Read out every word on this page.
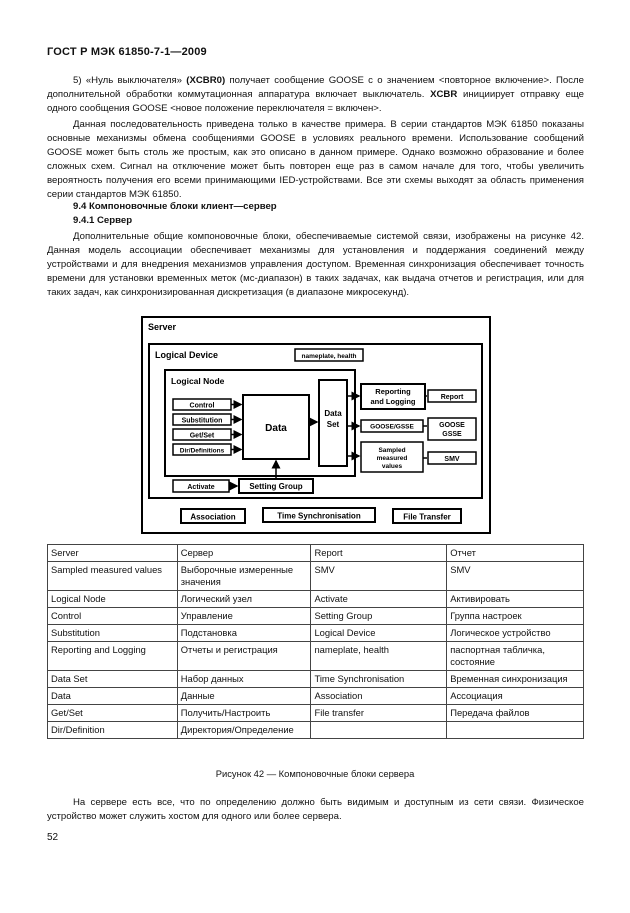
ГОСТ Р МЭК 61850-7-1—2009

5) «Нуль выключателя» (XCBR0) получает сообщение GOOSE с о значением <повторное включение>. После дополнительной обработки коммутационная аппаратура включает выключатель. XCBR инициирует отправку еще одного сообщения GOOSE <новое положение переключателя = включен>.

Данная последовательность приведена только в качестве примера. В серии стандартов МЭК 61850 показаны основные механизмы обмена сообщениями GOOSE в условиях реального времени. Использование сообщений GOOSE может быть столь же простым, как это описано в данном примере. Однако возможно образование и более сложных схем. Сигнал на отключение может быть повторен еще раз в самом начале для того, чтобы увеличить вероятность получения его всеми принимающими IED-устройствами. Все эти схемы выходят за область применения серии стандартов МЭК 61850.

9.4 Компоновочные блоки клиент—сервер
9.4.1 Сервер

Дополнительные общие компоновочные блоки, обеспечиваемые системой связи, изображены на рисунке 42. Данная модель ассоциации обеспечивает механизмы для установления и поддержания соединений между устройствами и для внедрения механизмов управления доступом. Временная синхронизация обеспечивает точность времени для установки временных меток (мс-диапазон) в таких задачах, как выдача отчетов и регистрация, или для таких задач, как синхронизированная дискретизация (в диапазоне микросекунд).

Server
Logical Device	nameplate, health
Logical Node
Control
Substitution
Get/Set
Dir/Definitions
Data
Data
Set
Reporting
and Logging	Report
GOOSE/GSSE	GOOSE
GSSE
Sampled
measured
values
SMV
Activate	Setting Group
Association	Time Synchronisation	File Transfer
Server	Сервер	Report	Отчет
Sampled measured values	Выборочные измеренные значения	SMV	SMV
Logical Node	Логический узел	Activate	Активировать
Control	Управление	Setting Group	Группа настроек
Substitution	Подстановка	Logical Device	Логическое устройство
Reporting and Logging	Отчеты и регистрация	nameplate, health	паспортная табличка, состояние
Data Set	Набор данных	Time Synchronisation	Временная синхронизация
Data	Данные	Association	Ассоциация
Get/Set	Получить/Настроить	File transfer	Передача файлов
Dir/Definition	Директория/Определение		
Рисунок 42 — Компоновочные блоки сервера

На сервере есть все, что по определению должно быть видимым и доступным из сети связи. Физическое устройство может служить хостом для одного или более сервера.

52
